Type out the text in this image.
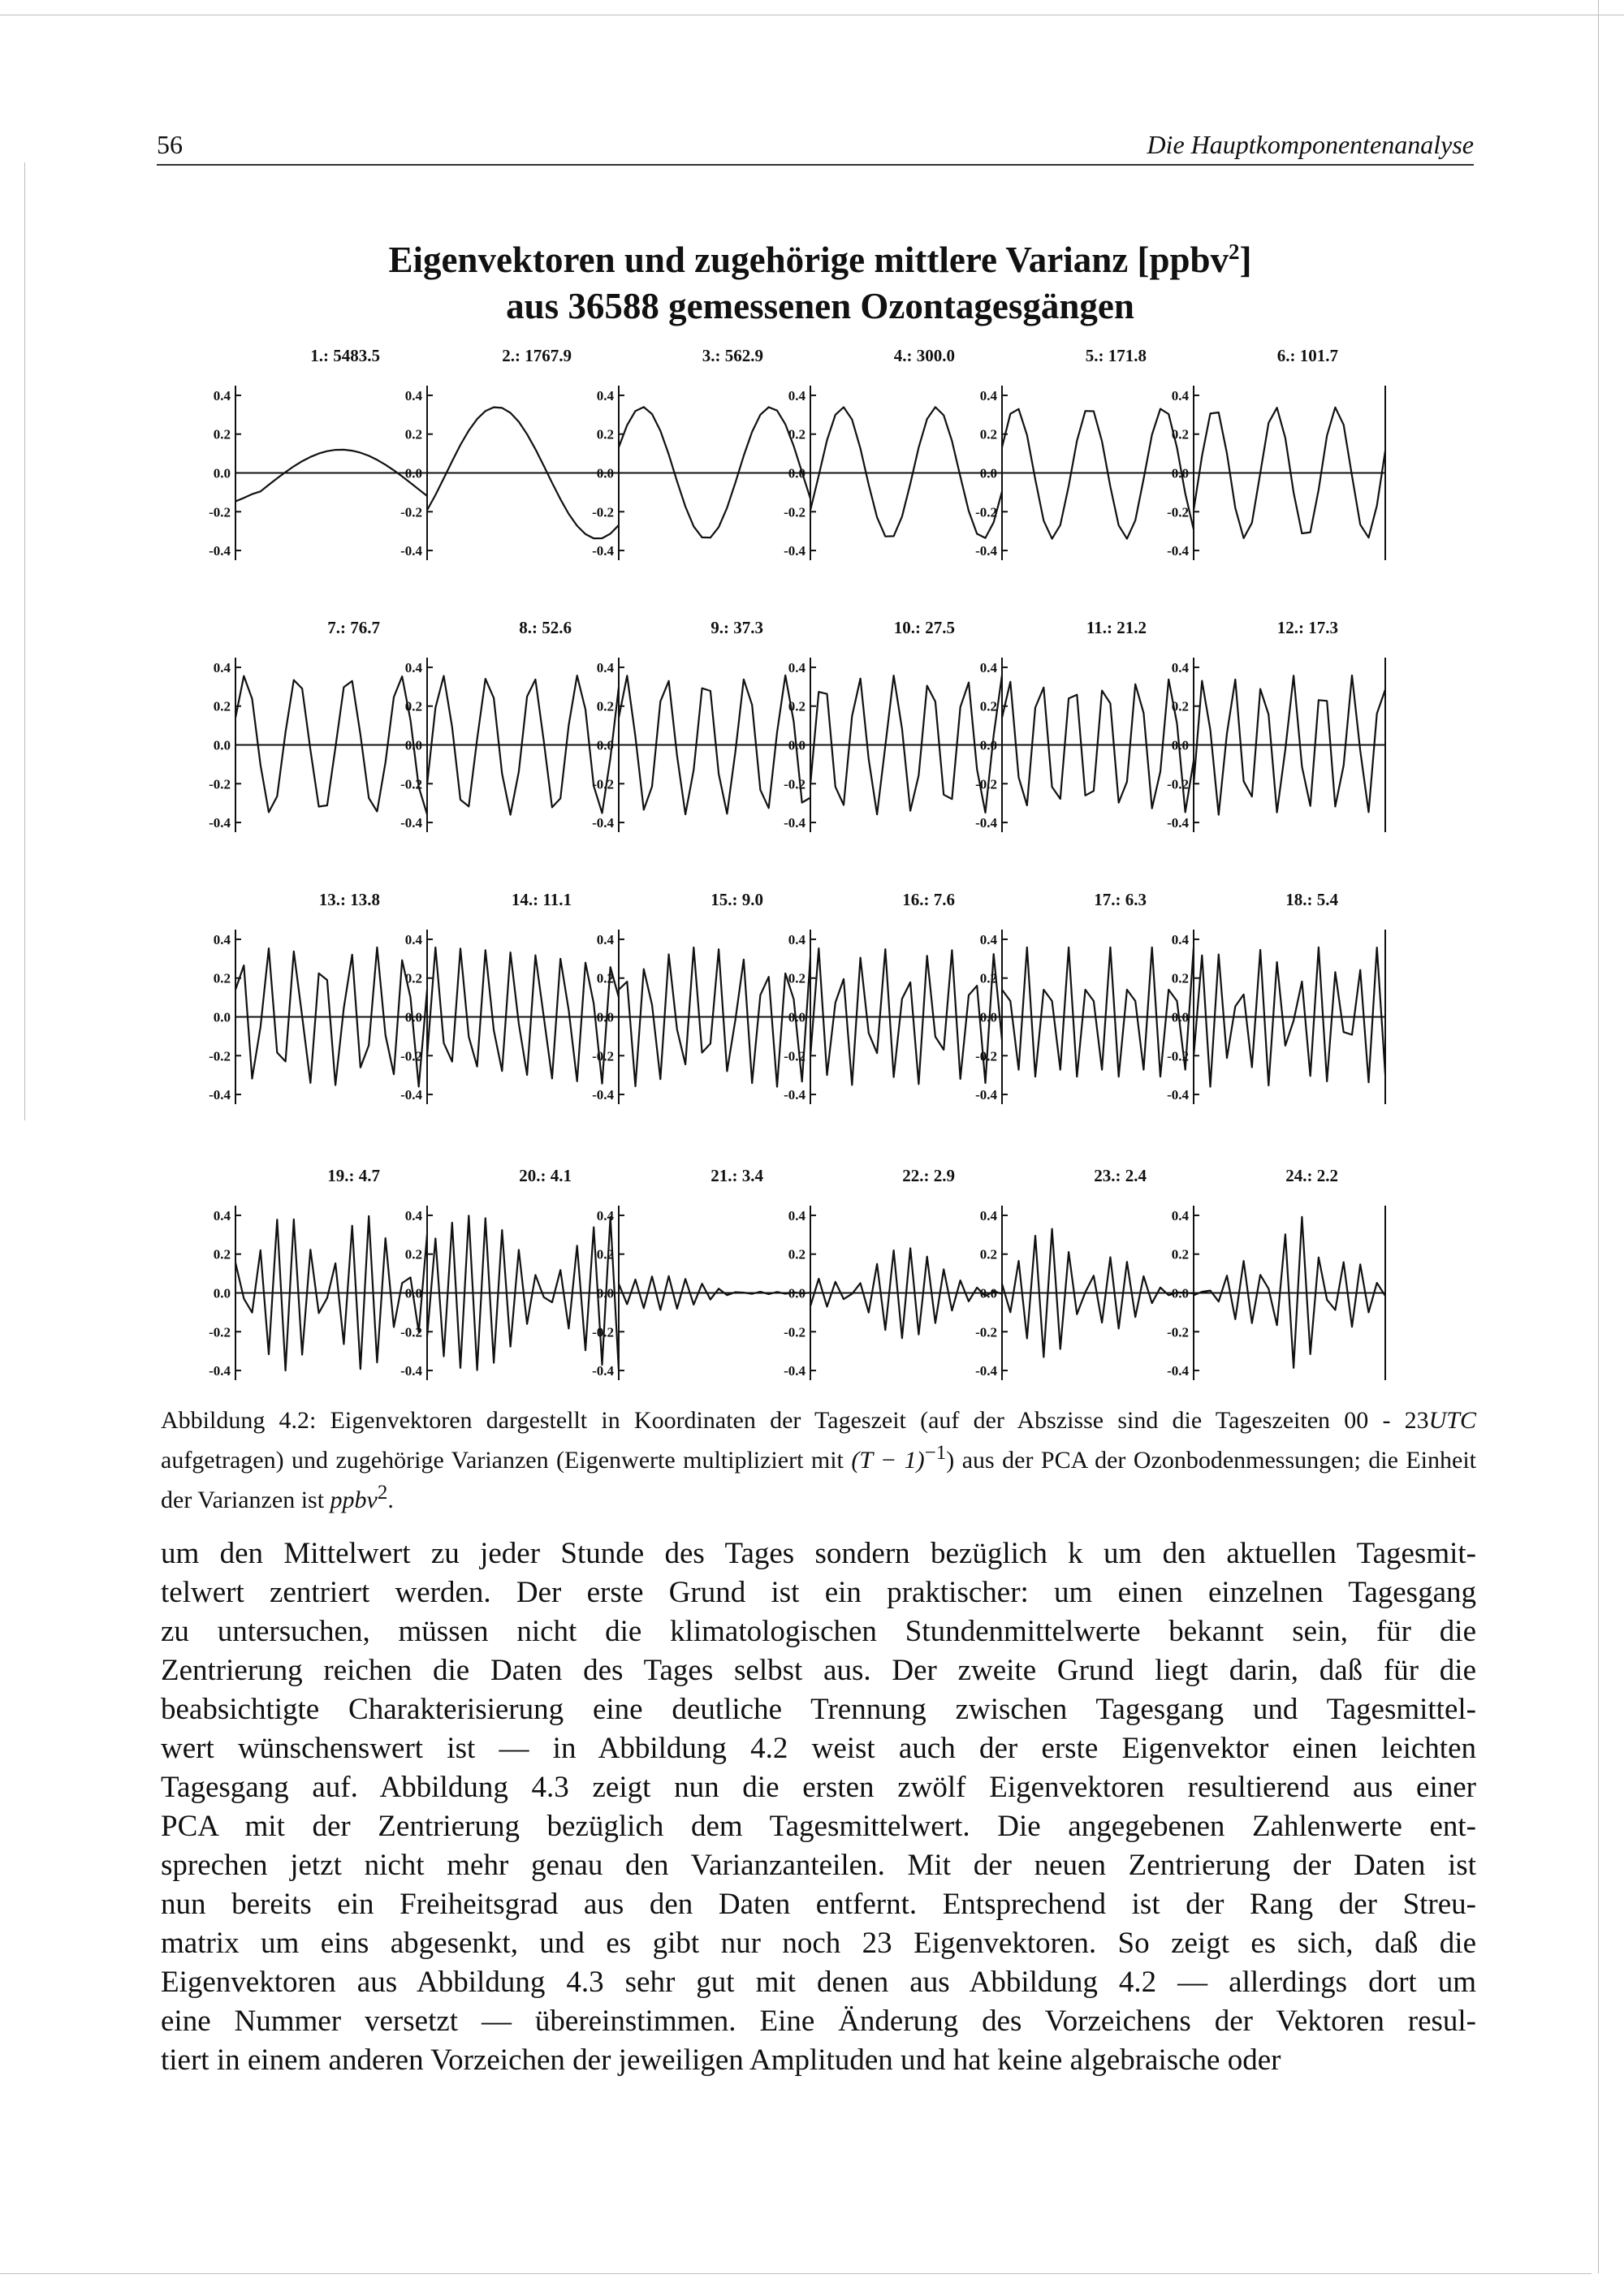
56	Die Hauptkomponentenanalyse
Eigenvektoren und zugehörige mittlere Varianz [ppbv$^2$]
aus 36588 gemessenen Ozontagesgängen
0.4
0.2
0.0
-0.2
-0.4
1.: 5483.5
0.4
0.2
0.0
-0.2
-0.4
2.: 1767.9
0.4
0.2
0.0
-0.2
-0.4
3.: 562.9
0.4
0.2
0.0
-0.2
-0.4
4.: 300.0
0.4
0.2
0.0
-0.2
-0.4
5.: 171.8
0.4
0.2
0.0
-0.2
-0.4
6.: 101.7
0.4
0.2
0.0
-0.2
-0.4
7.: 76.7
0.4
0.2
0.0
-0.2
-0.4
8.: 52.6
0.4
0.2
0.0
-0.2
-0.4
9.: 37.3
0.4
0.2
0.0
-0.2
-0.4
10.: 27.5
0.4
0.2
0.0
-0.2
-0.4
11.: 21.2
0.4
0.2
0.0
-0.2
-0.4
12.: 17.3
0.4
0.2
0.0
-0.2
-0.4
13.: 13.8
0.4
0.2
0.0
-0.2
-0.4
14.: 11.1
0.4
0.2
0.0
-0.2
-0.4
15.: 9.0
0.4
0.2
0.0
-0.2
-0.4
16.: 7.6
0.4
0.2
0.0
-0.2
-0.4
17.: 6.3
0.4
0.2
0.0
-0.2
-0.4
18.: 5.4
0.4
0.2
0.0
-0.2
-0.4
19.: 4.7
0.4
0.2
0.0
-0.2
-0.4
20.: 4.1
0.4
0.2
0.0
-0.2
-0.4
21.: 3.4
0.4
0.2
0.0
-0.2
-0.4
22.: 2.9
0.4
0.2
0.0
-0.2
-0.4
23.: 2.4
0.4
0.2
0.0
-0.2
-0.4
24.: 2.2
Abbildung 4.2: Eigenvektoren dargestellt in Koordinaten der Tageszeit (auf der Abszisse sind die Tageszeiten 00 - 23UTC aufgetragen) und zugehörige Varianzen (Eigenwerte multipliziert mit $(T - 1)^{-1}$) aus der PCA der Ozonbodenmessungen; die Einheit der Varianzen ist ppbv$^2$.

um den Mittelwert zu jeder Stunde des Tages sondern bezüglich k um den aktuellen Tagesmit-
telwert zentriert werden. Der erste Grund ist ein praktischer: um einen einzelnen Tagesgang
zu untersuchen, müssen nicht die klimatologischen Stundenmittelwerte bekannt sein, für die
Zentrierung reichen die Daten des Tages selbst aus. Der zweite Grund liegt darin, daß für die
beabsichtigte Charakterisierung eine deutliche Trennung zwischen Tagesgang und Tagesmittel-
wert wünschenswert ist — in Abbildung 4.2 weist auch der erste Eigenvektor einen leichten
Tagesgang auf. Abbildung 4.3 zeigt nun die ersten zwölf Eigenvektoren resultierend aus einer
PCA mit der Zentrierung bezüglich dem Tagesmittelwert. Die angegebenen Zahlenwerte ent-
sprechen jetzt nicht mehr genau den Varianzanteilen. Mit der neuen Zentrierung der Daten ist
nun bereits ein Freiheitsgrad aus den Daten entfernt. Entsprechend ist der Rang der Streu-
matrix um eins abgesenkt, und es gibt nur noch 23 Eigenvektoren. So zeigt es sich, daß die
Eigenvektoren aus Abbildung 4.3 sehr gut mit denen aus Abbildung 4.2 — allerdings dort um
eine Nummer versetzt — übereinstimmen. Eine Änderung des Vorzeichens der Vektoren resul-
tiert in einem anderen Vorzeichen der jeweiligen Amplituden und hat keine algebraische oder
